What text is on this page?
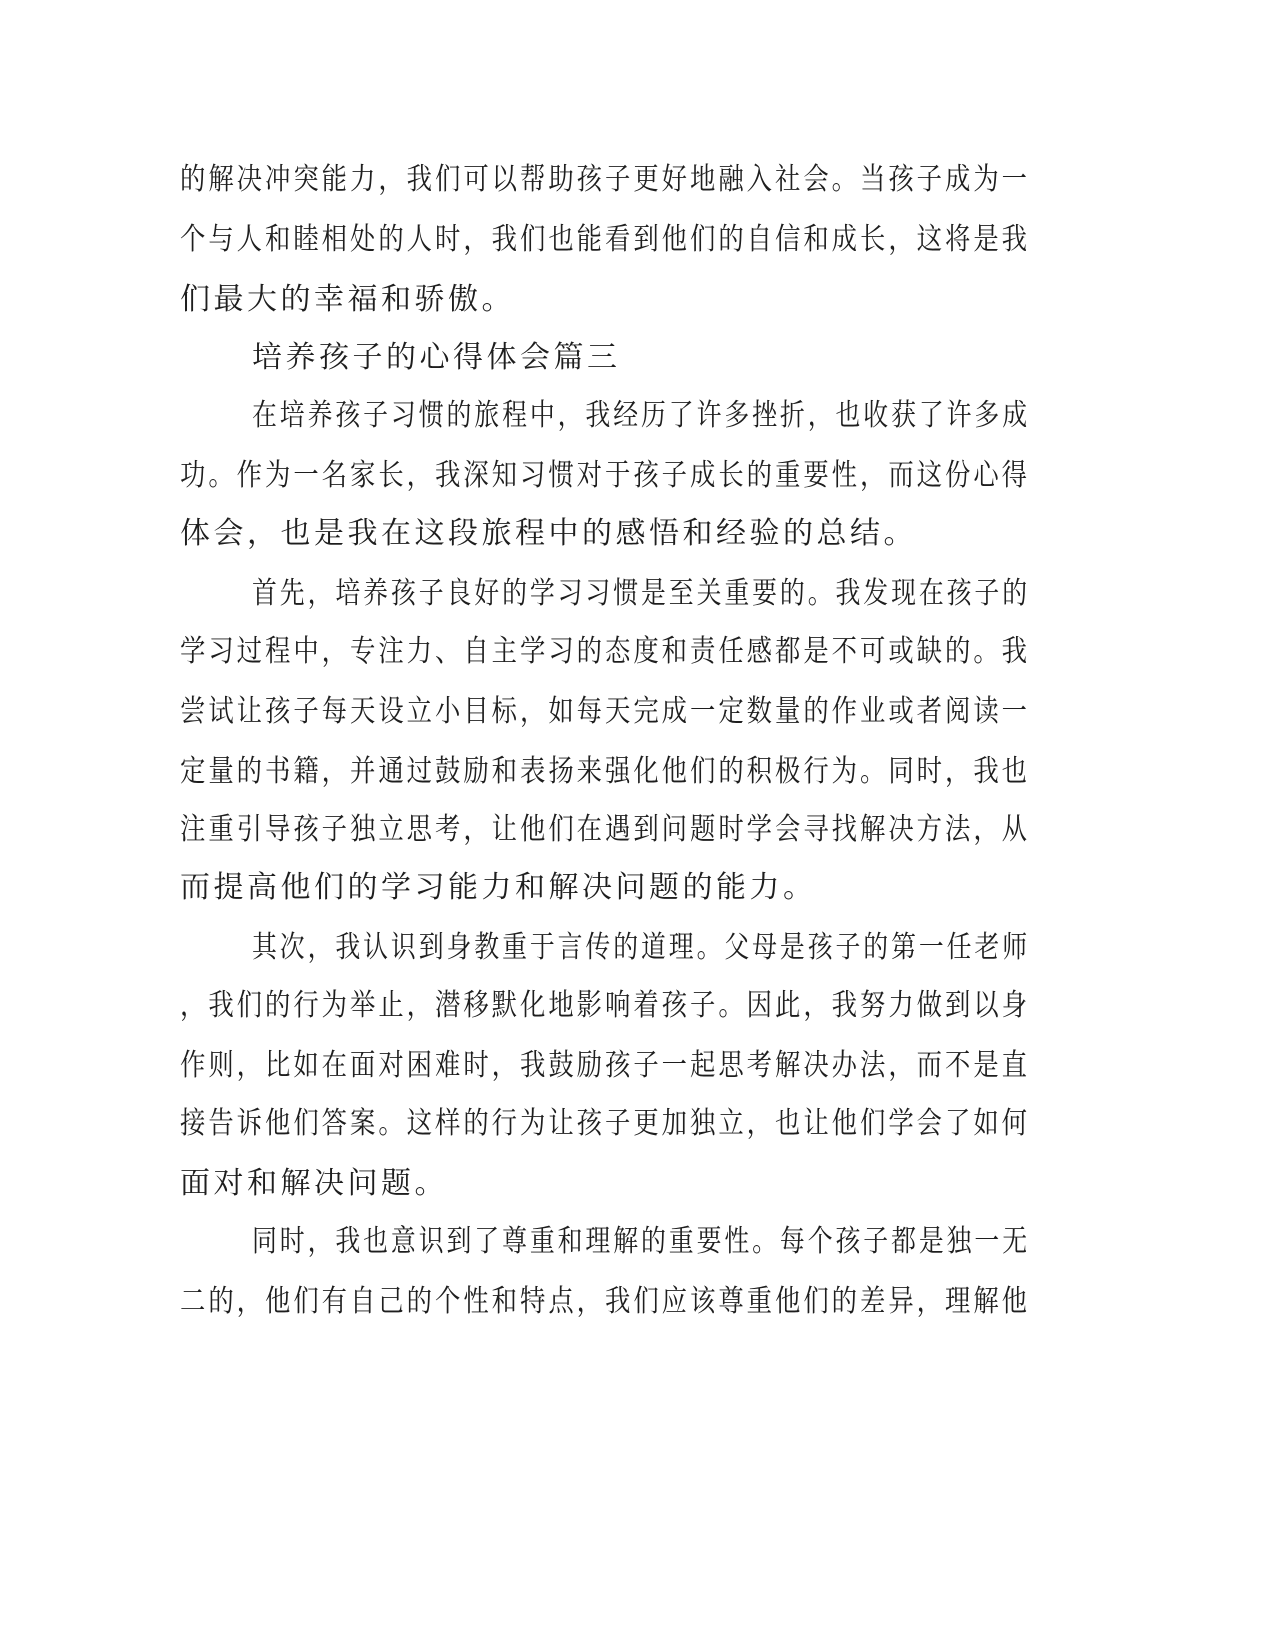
的解决冲突能力，我们可以帮助孩子更好地融入社会。当孩子成为一
个与人和睦相处的人时，我们也能看到他们的自信和成长，这将是我
们最大的幸福和骄傲。
培养孩子的心得体会篇三
在培养孩子习惯的旅程中，我经历了许多挫折，也收获了许多成
功。作为一名家长，我深知习惯对于孩子成长的重要性，而这份心得
体会，也是我在这段旅程中的感悟和经验的总结。
首先，培养孩子良好的学习习惯是至关重要的。我发现在孩子的
学习过程中，专注力、自主学习的态度和责任感都是不可或缺的。我
尝试让孩子每天设立小目标，如每天完成一定数量的作业或者阅读一
定量的书籍，并通过鼓励和表扬来强化他们的积极行为。同时，我也
注重引导孩子独立思考，让他们在遇到问题时学会寻找解决方法，从
而提高他们的学习能力和解决问题的能力。
其次，我认识到身教重于言传的道理。父母是孩子的第一任老师
，我们的行为举止，潜移默化地影响着孩子。因此，我努力做到以身
作则，比如在面对困难时，我鼓励孩子一起思考解决办法，而不是直
接告诉他们答案。这样的行为让孩子更加独立，也让他们学会了如何
面对和解决问题。
同时，我也意识到了尊重和理解的重要性。每个孩子都是独一无
二的，他们有自己的个性和特点，我们应该尊重他们的差异，理解他
